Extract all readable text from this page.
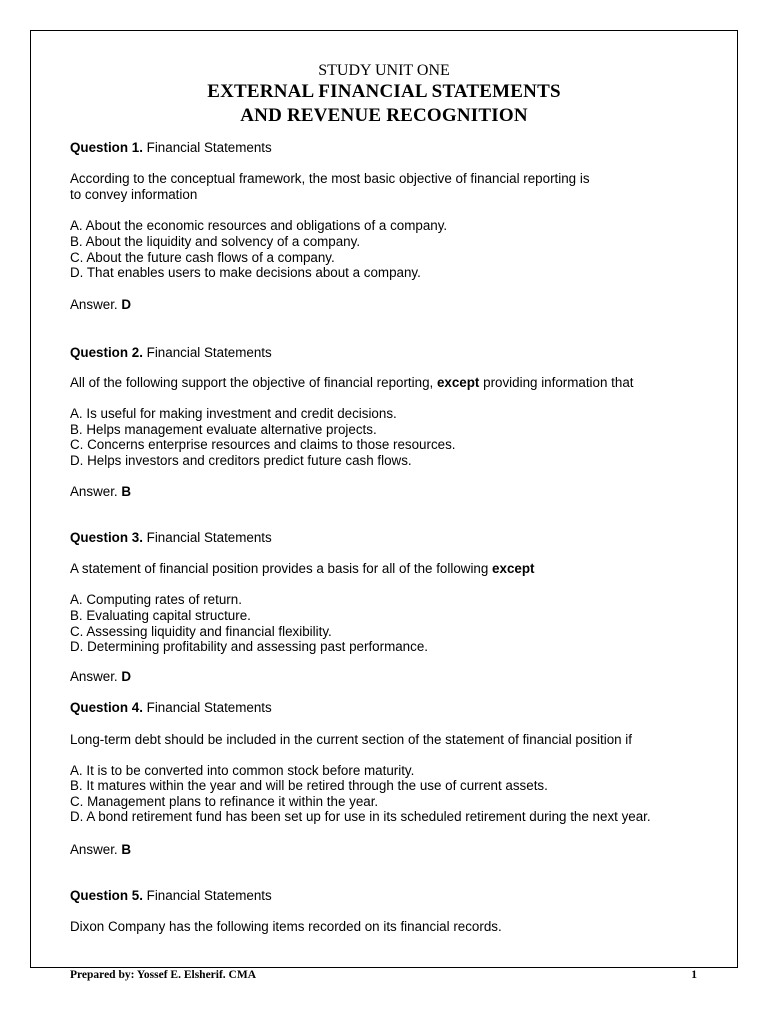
STUDY UNIT ONE
EXTERNAL FINANCIAL STATEMENTS
AND REVENUE RECOGNITION
Question 1. Financial Statements
According to the conceptual framework, the most basic objective of financial reporting is
to convey information
A. About the economic resources and obligations of a company.
B. About the liquidity and solvency of a company.
C. About the future cash flows of a company.
D. That enables users to make decisions about a company.
Answer. D
Question 2. Financial Statements
All of the following support the objective of financial reporting, except providing information that
A. Is useful for making investment and credit decisions.
B. Helps management evaluate alternative projects.
C. Concerns enterprise resources and claims to those resources.
D. Helps investors and creditors predict future cash flows.
Answer. B
Question 3. Financial Statements
A statement of financial position provides a basis for all of the following except
A. Computing rates of return.
B. Evaluating capital structure.
C. Assessing liquidity and financial flexibility.
D. Determining profitability and assessing past performance.
Answer. D
Question 4. Financial Statements
Long-term debt should be included in the current section of the statement of financial position if
A. It is to be converted into common stock before maturity.
B. It matures within the year and will be retired through the use of current assets.
C. Management plans to refinance it within the year.
D. A bond retirement fund has been set up for use in its scheduled retirement during the next year.
Answer. B
Question 5. Financial Statements
Dixon Company has the following items recorded on its financial records.
Prepared by: Yossef E. Elsherif. CMA	1
